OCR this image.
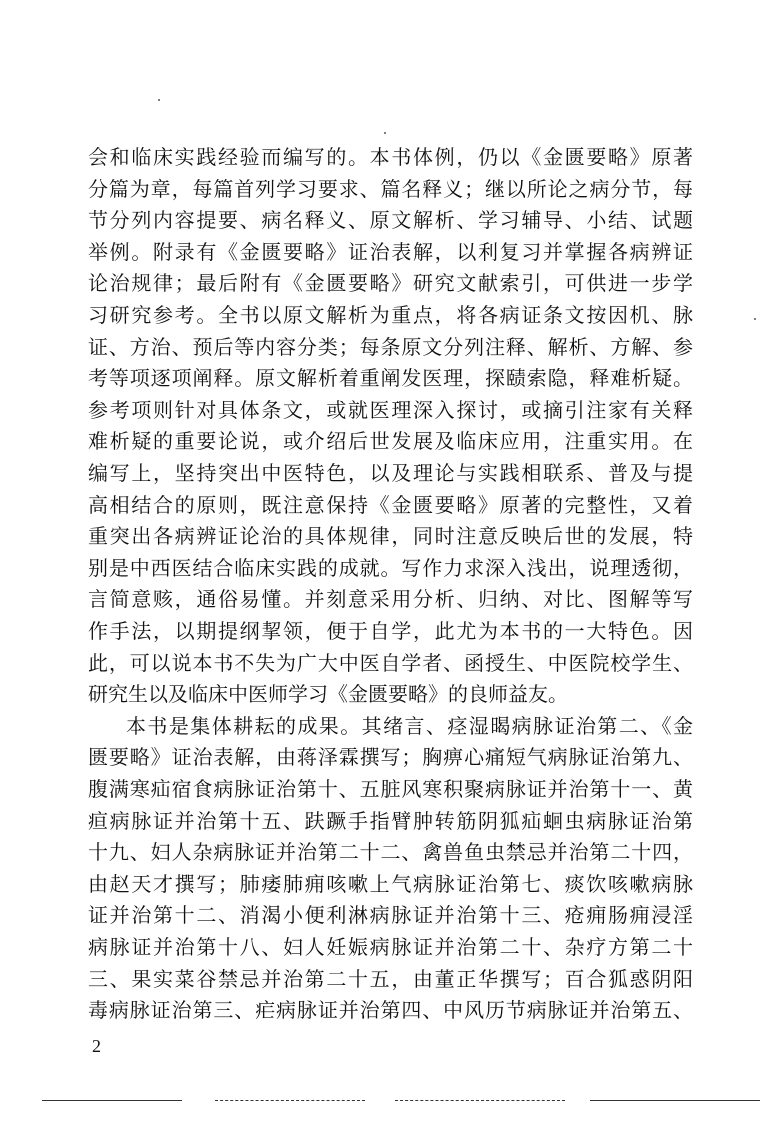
会和临床实践经验而编写的。本书体例，仍以《金匮要略》原著
分篇为章，每篇首列学习要求、篇名释义；继以所论之病分节，每
节分列内容提要、病名释义、原文解析、学习辅导、小结、试题
举例。附录有《金匮要略》证治表解，以利复习并掌握各病辨证
论治规律；最后附有《金匮要略》研究文献索引，可供进一步学
习研究参考。全书以原文解析为重点，将各病证条文按因机、脉
证、方治、预后等内容分类；每条原文分列注释、解析、方解、参
考等项逐项阐释。原文解析着重阐发医理，探赜索隐，释难析疑。
参考项则针对具体条文，或就医理深入探讨，或摘引注家有关释
难析疑的重要论说，或介绍后世发展及临床应用，注重实用。在
编写上，坚持突出中医特色，以及理论与实践相联系、普及与提
高相结合的原则，既注意保持《金匮要略》原著的完整性，又着
重突出各病辨证论治的具体规律，同时注意反映后世的发展，特
别是中西医结合临床实践的成就。写作力求深入浅出，说理透彻，
言简意赅，通俗易懂。并刻意采用分析、归纳、对比、图解等写
作手法，以期提纲挈领，便于自学，此尤为本书的一大特色。因
此，可以说本书不失为广大中医自学者、函授生、中医院校学生、
研究生以及临床中医师学习《金匮要略》的良师益友。
本书是集体耕耘的成果。其绪言、痉湿暍病脉证治第二、《金
匮要略》证治表解，由蒋泽霖撰写；胸痹心痛短气病脉证治第九、
腹满寒疝宿食病脉证治第十、五脏风寒积聚病脉证并治第十一、黄
疸病脉证并治第十五、趺蹶手指臂肿转筋阴狐疝蛔虫病脉证治第
十九、妇人杂病脉证并治第二十二、禽兽鱼虫禁忌并治第二十四，
由赵天才撰写；肺痿肺痈咳嗽上气病脉证治第七、痰饮咳嗽病脉
证并治第十二、消渴小便利淋病脉证并治第十三、疮痈肠痈浸淫
病脉证并治第十八、妇人妊娠病脉证并治第二十、杂疗方第二十
三、果实菜谷禁忌并治第二十五，由董正华撰写；百合狐惑阴阳
毒病脉证治第三、疟病脉证并治第四、中风历节病脉证并治第五、
2
